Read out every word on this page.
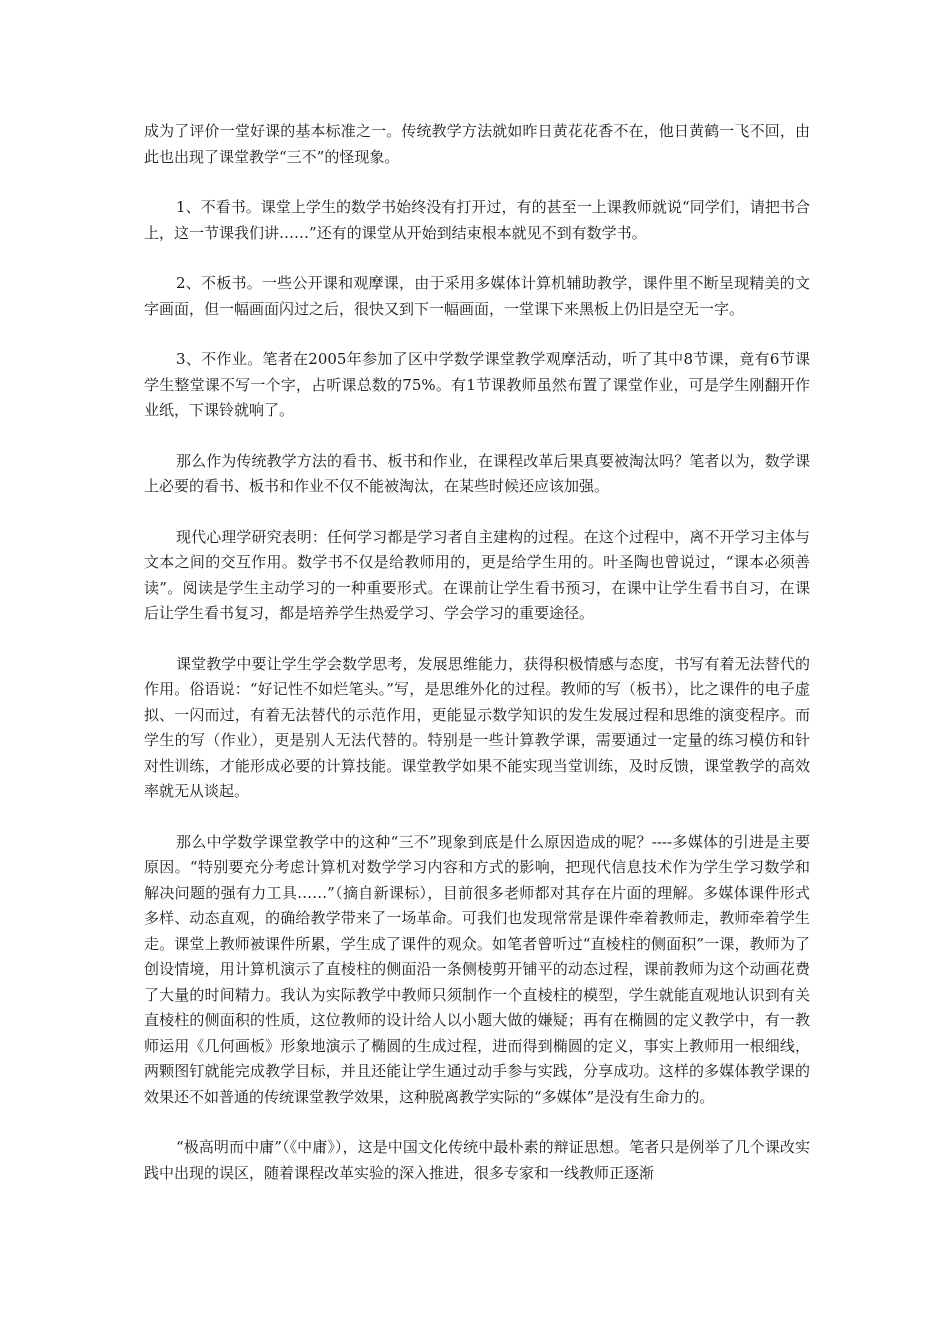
成为了评价一堂好课的基本标准之一。传统教学方法就如昨日黄花花香不在，他日黄鹤一飞不回，由此也出现了课堂教学“三不”的怪现象。

1、不看书。课堂上学生的数学书始终没有打开过，有的甚至一上课教师就说“同学们，请把书合上，这一节课我们讲……”还有的课堂从开始到结束根本就见不到有数学书。

2、不板书。一些公开课和观摩课，由于采用多媒体计算机辅助教学，课件里不断呈现精美的文字画面，但一幅画面闪过之后，很快又到下一幅画面，一堂课下来黑板上仍旧是空无一字。

3、不作业。笔者在2005年参加了区中学数学课堂教学观摩活动，听了其中8节课，竟有6节课学生整堂课不写一个字，占听课总数的75%。有1节课教师虽然布置了课堂作业，可是学生刚翻开作业纸，下课铃就响了。

那么作为传统教学方法的看书、板书和作业，在课程改革后果真要被淘汰吗？笔者以为，数学课上必要的看书、板书和作业不仅不能被淘汰，在某些时候还应该加强。

现代心理学研究表明：任何学习都是学习者自主建构的过程。在这个过程中，离不开学习主体与文本之间的交互作用。数学书不仅是给教师用的，更是给学生用的。叶圣陶也曾说过，“课本必须善读”。阅读是学生主动学习的一种重要形式。在课前让学生看书预习，在课中让学生看书自习，在课后让学生看书复习，都是培养学生热爱学习、学会学习的重要途径。

课堂教学中要让学生学会数学思考，发展思维能力，获得积极情感与态度，书写有着无法替代的作用。俗语说：“好记性不如烂笔头。”写，是思维外化的过程。教师的写（板书），比之课件的电子虚拟、一闪而过，有着无法替代的示范作用，更能显示数学知识的发生发展过程和思维的演变程序。而学生的写（作业），更是别人无法代替的。特别是一些计算教学课，需要通过一定量的练习模仿和针对性训练，才能形成必要的计算技能。课堂教学如果不能实现当堂训练，及时反馈，课堂教学的高效率就无从谈起。

那么中学数学课堂教学中的这种“三不”现象到底是什么原因造成的呢？----多媒体的引进是主要原因。“特别要充分考虑计算机对数学学习内容和方式的影响，把现代信息技术作为学生学习数学和解决问题的强有力工具……”（摘自新课标），目前很多老师都对其存在片面的理解。多媒体课件形式多样、动态直观，的确给教学带来了一场革命。可我们也发现常常是课件牵着教师走，教师牵着学生走。课堂上教师被课件所累，学生成了课件的观众。如笔者曾听过“直棱柱的侧面积”一课，教师为了创设情境，用计算机演示了直棱柱的侧面沿一条侧棱剪开铺平的动态过程，课前教师为这个动画花费了大量的时间精力。我认为实际教学中教师只须制作一个直棱柱的模型，学生就能直观地认识到有关直棱柱的侧面积的性质，这位教师的设计给人以小题大做的嫌疑；再有在椭圆的定义教学中，有一教师运用《几何画板》形象地演示了椭圆的生成过程，进而得到椭圆的定义，事实上教师用一根细线，两颗图钉就能完成教学目标，并且还能让学生通过动手参与实践，分享成功。这样的多媒体教学课的效果还不如普通的传统课堂教学效果，这种脱离教学实际的“多媒体”是没有生命力的。

“极高明而中庸”（《中庸》），这是中国文化传统中最朴素的辩证思想。笔者只是例举了几个课改实践中出现的误区，随着课程改革实验的深入推进，很多专家和一线教师正逐渐
